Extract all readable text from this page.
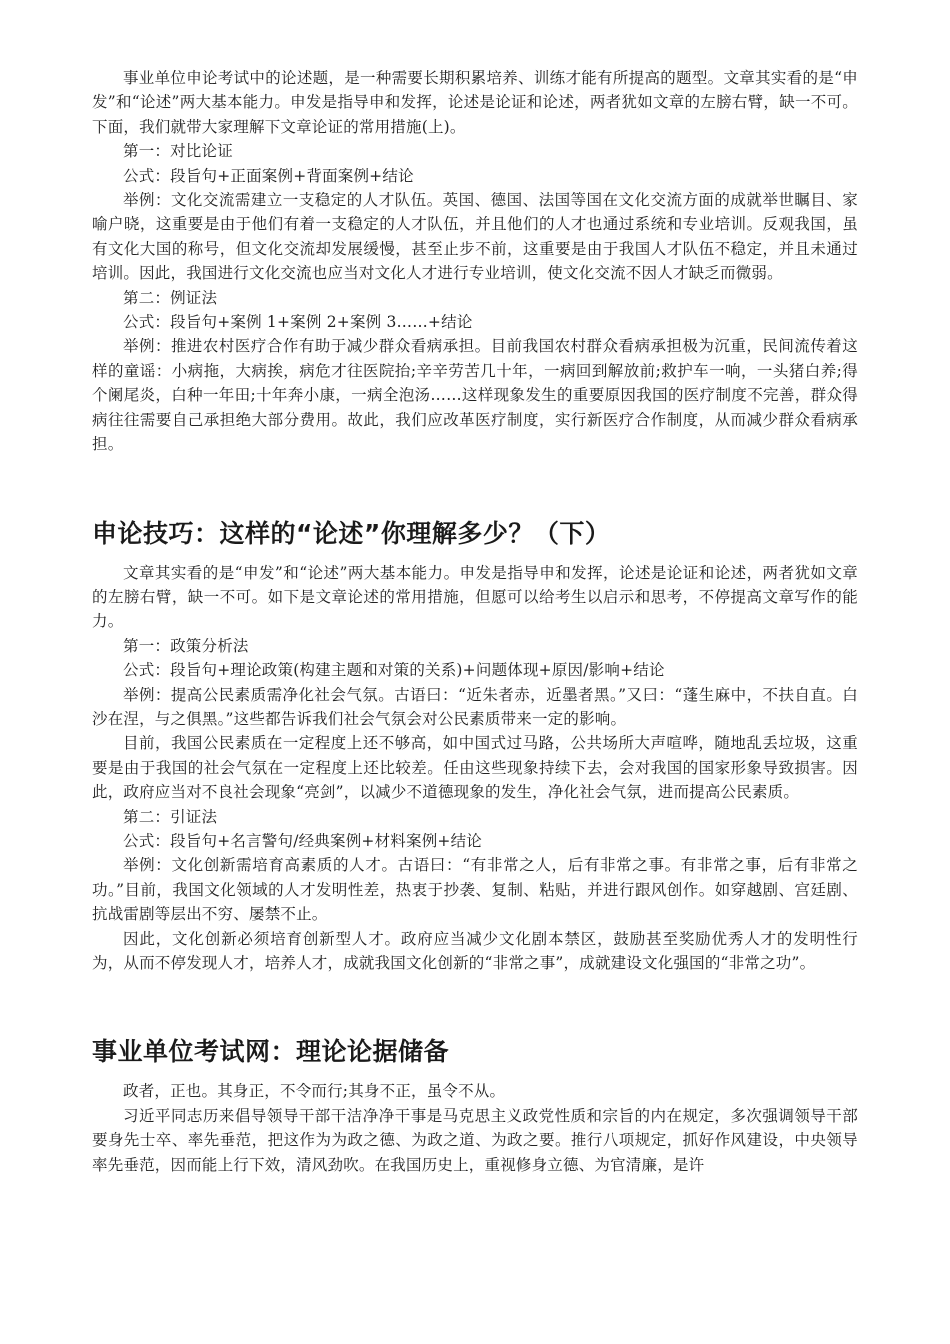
事业单位申论考试中的论述题，是一种需要长期积累培养、训练才能有所提高的题型。文章其实看的是“申发”和“论述”两大基本能力。申发是指导申和发挥，论述是论证和论述，两者犹如文章的左膀右臂，缺一不可。下面，我们就带大家理解下文章论证的常用措施(上)。

第一：对比论证

公式：段旨句+正面案例+背面案例+结论

举例：文化交流需建立一支稳定的人才队伍。英国、德国、法国等国在文化交流方面的成就举世瞩目、家喻户晓，这重要是由于他们有着一支稳定的人才队伍，并且他们的人才也通过系统和专业培训。反观我国，虽有文化大国的称号，但文化交流却发展缓慢，甚至止步不前，这重要是由于我国人才队伍不稳定，并且未通过培训。因此，我国进行文化交流也应当对文化人才进行专业培训，使文化交流不因人才缺乏而微弱。

第二：例证法

公式：段旨句+案例 1+案例 2+案例 3……+结论

举例：推进农村医疗合作有助于减少群众看病承担。目前我国农村群众看病承担极为沉重，民间流传着这样的童谣：小病拖，大病挨，病危才往医院抬;辛辛劳苦几十年，一病回到解放前;救护车一响，一头猪白养;得个阑尾炎，白种一年田;十年奔小康，一病全泡汤……这样现象发生的重要原因我国的医疗制度不完善，群众得病往往需要自己承担绝大部分费用。故此，我们应改革医疗制度，实行新医疗合作制度，从而减少群众看病承担。

申论技巧：这样的“论述”你理解多少？（下）

文章其实看的是“申发”和“论述”两大基本能力。申发是指导申和发挥，论述是论证和论述，两者犹如文章的左膀右臂，缺一不可。如下是文章论述的常用措施，但愿可以给考生以启示和思考，不停提高文章写作的能力。

第一：政策分析法

公式：段旨句+理论政策(构建主题和对策的关系)+问题体现+原因/影响+结论

举例：提高公民素质需净化社会气氛。古语曰：“近朱者赤，近墨者黑。”又曰：“蓬生麻中，不扶自直。白沙在涅，与之俱黑。”这些都告诉我们社会气氛会对公民素质带来一定的影响。

目前，我国公民素质在一定程度上还不够高，如中国式过马路，公共场所大声喧哗，随地乱丢垃圾，这重要是由于我国的社会气氛在一定程度上还比较差。任由这些现象持续下去，会对我国的国家形象导致损害。因此，政府应当对不良社会现象“亮剑”，以减少不道德现象的发生，净化社会气氛，进而提高公民素质。

第二：引证法

公式：段旨句+名言警句/经典案例+材料案例+结论

举例：文化创新需培育高素质的人才。古语曰：“有非常之人，后有非常之事。有非常之事，后有非常之功。”目前，我国文化领域的人才发明性差，热衷于抄袭、复制、粘贴，并进行跟风创作。如穿越剧、宫廷剧、抗战雷剧等层出不穷、屡禁不止。

因此，文化创新必须培育创新型人才。政府应当减少文化剧本禁区，鼓励甚至奖励优秀人才的发明性行为，从而不停发现人才，培养人才，成就我国文化创新的“非常之事”，成就建设文化强国的“非常之功”。

事业单位考试网：理论论据储备

政者，正也。其身正，不令而行;其身不正，虽令不从。

习近平同志历来倡导领导干部干洁净净干事是马克思主义政党性质和宗旨的内在规定，多次强调领导干部要身先士卒、率先垂范，把这作为为政之德、为政之道、为政之要。推行八项规定，抓好作风建设，中央领导率先垂范，因而能上行下效，清风劲吹。在我国历史上，重视修身立德、为官清廉，是许
